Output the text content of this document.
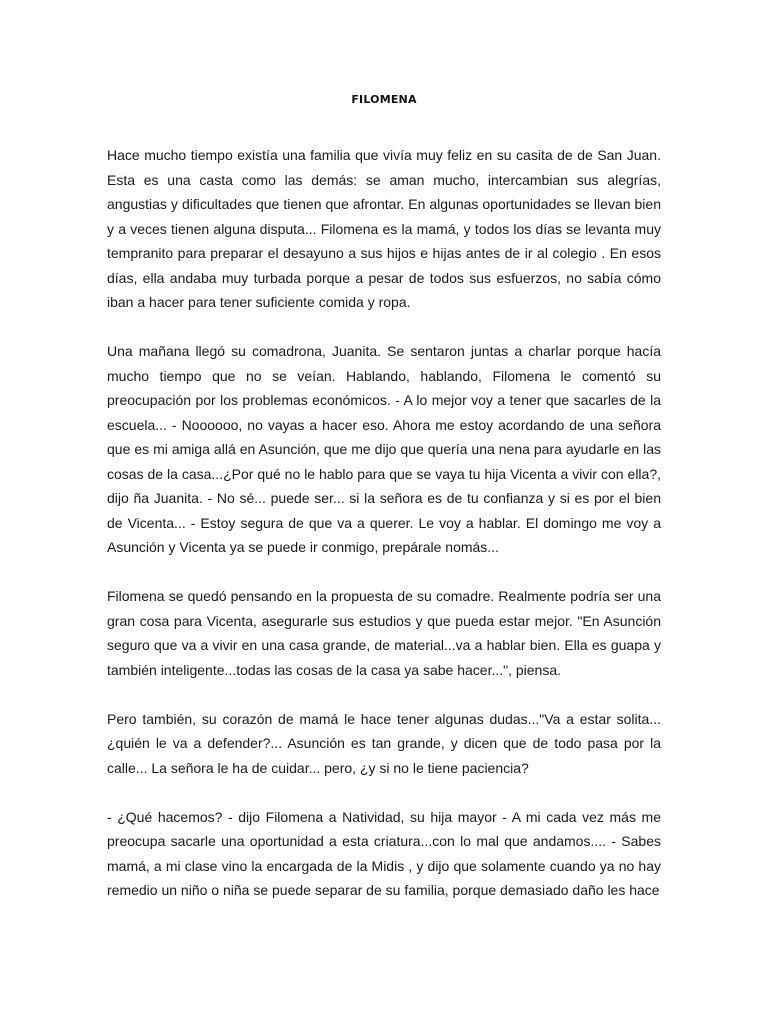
FILOMENA

Hace mucho tiempo existía una familia que vivía muy feliz en su casita de de San Juan. Esta es una casta como las demás: se aman mucho, intercambian sus alegrías, angustias y dificultades que tienen que afrontar. En algunas oportunidades se llevan bien y a veces tienen alguna disputa... Filomena es la mamá, y todos los días se levanta muy tempranito para preparar el desayuno a sus hijos e hijas antes de ir al colegio . En esos días, ella andaba muy turbada porque a pesar de todos sus esfuerzos, no sabía cómo iban a hacer para tener suficiente comida y ropa.

Una mañana llegó su comadrona, Juanita. Se sentaron juntas a charlar porque hacía mucho tiempo que no se veían. Hablando, hablando, Filomena le comentó su preocupación por los problemas económicos. - A lo mejor voy a tener que sacarles de la escuela... - Noooooo, no vayas a hacer eso. Ahora me estoy acordando de una señora que es mi amiga allá en Asunción, que me dijo que quería una nena para ayudarle en las cosas de la casa...¿Por qué no le hablo para que se vaya tu hija Vicenta a vivir con ella?, dijo ña Juanita. - No sé... puede ser... si la señora es de tu confianza y si es por el bien de Vicenta... - Estoy segura de que va a querer. Le voy a hablar. El domingo me voy a Asunción y Vicenta ya se puede ir conmigo, prepárale nomás...

Filomena se quedó pensando en la propuesta de su comadre. Realmente podría ser una gran cosa para Vicenta, asegurarle sus estudios y que pueda estar mejor. "En Asunción seguro que va a vivir en una casa grande, de material...va a hablar bien. Ella es guapa y también inteligente...todas las cosas de la casa ya sabe hacer...", piensa.

Pero también, su corazón de mamá le hace tener algunas dudas..."Va a estar solita... ¿quién le va a defender?... Asunción es tan grande, y dicen que de todo pasa por la calle... La señora le ha de cuidar... pero, ¿y si no le tiene paciencia?

- ¿Qué hacemos? - dijo Filomena a Natividad, su hija mayor - A mi cada vez más me preocupa sacarle una oportunidad a esta criatura...con lo mal que andamos.... - Sabes mamá, a mi clase vino la encargada de la Midis , y dijo que solamente cuando ya no hay remedio un niño o niña se puede separar de su familia, porque demasiado daño les hace
